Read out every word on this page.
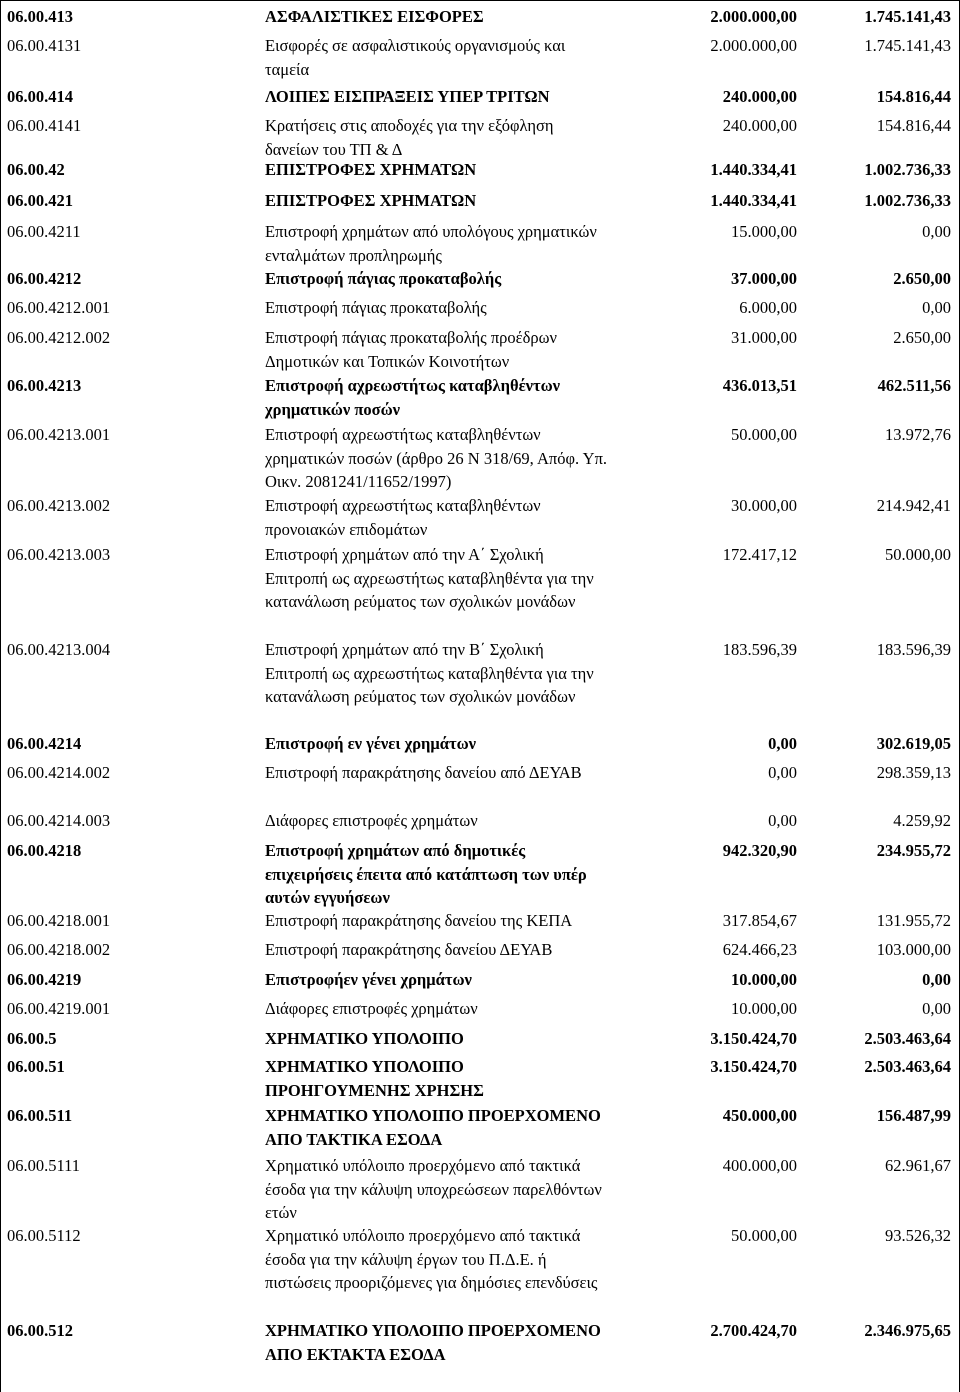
06.00.413	ΑΣΦΑΛΙΣΤΙΚΕΣ ΕΙΣΦΟΡΕΣ	2.000.000,00	1.745.141,43
06.00.4131	Εισφορές σε ασφαλιστικούς οργανισμούς και
ταμεία
2.000.000,00	1.745.141,43
06.00.414	ΛΟΙΠΕΣ ΕΙΣΠΡΑΞΕΙΣ ΥΠΕΡ ΤΡΙΤΩΝ	240.000,00	154.816,44
06.00.4141	Κρατήσεις στις αποδοχές για την εξόφληση
δανείων του ΤΠ & Δ
240.000,00	154.816,44
06.00.42	ΕΠΙΣΤΡΟΦΕΣ ΧΡΗΜΑΤΩΝ	1.440.334,41	1.002.736,33
06.00.421	ΕΠΙΣΤΡΟΦΕΣ ΧΡΗΜΑΤΩΝ	1.440.334,41	1.002.736,33
06.00.4211	Επιστροφή χρημάτων από υπολόγους χρηματικών
ενταλμάτων προπληρωμής
15.000,00	0,00
06.00.4212	Επιστροφή πάγιας προκαταβολής	37.000,00	2.650,00
06.00.4212.001	Επιστροφή πάγιας προκαταβολής	6.000,00	0,00
06.00.4212.002	Επιστροφή πάγιας προκαταβολής προέδρων
Δημοτικών και Τοπικών Κοινοτήτων
31.000,00	2.650,00
06.00.4213	Επιστροφή αχρεωστήτως καταβληθέντων
χρηματικών ποσών
436.013,51	462.511,56
06.00.4213.001	Επιστροφή αχρεωστήτως καταβληθέντων
χρηματικών ποσών (άρθρο 26 Ν 318/69, Απόφ. Υπ.
Οικν. 2081241/11652/1997)
50.000,00	13.972,76
06.00.4213.002	Επιστροφή αχρεωστήτως καταβληθέντων
προνοιακών επιδομάτων
30.000,00	214.942,41
06.00.4213.003	Επιστροφή χρημάτων από την Α΄ Σχολική
Επιτροπή ως αχρεωστήτως καταβληθέντα για την
κατανάλωση ρεύματος των σχολικών μονάδων
172.417,12	50.000,00
06.00.4213.004	Επιστροφή χρημάτων από την Β΄ Σχολική
Επιτροπή ως αχρεωστήτως καταβληθέντα για την
κατανάλωση ρεύματος των σχολικών μονάδων
183.596,39	183.596,39
06.00.4214	Επιστροφή εν γένει χρημάτων	0,00	302.619,05
06.00.4214.002	Επιστροφή παρακράτησης δανείου από ΔΕΥΑΒ	0,00	298.359,13
06.00.4214.003	Διάφορες επιστροφές χρημάτων	0,00	4.259,92
06.00.4218	Επιστροφή χρημάτων από δημοτικές
επιχειρήσεις έπειτα από κατάπτωση των υπέρ
αυτών εγγυήσεων
942.320,90	234.955,72
06.00.4218.001	Επιστροφή παρακράτησης δανείου της ΚΕΠΑ	317.854,67	131.955,72
06.00.4218.002	Επιστροφή παρακράτησης δανείου ΔΕΥΑΒ	624.466,23	103.000,00
06.00.4219	Επιστροφήεν γένει χρημάτων	10.000,00	0,00
06.00.4219.001	Διάφορες επιστροφές χρημάτων	10.000,00	0,00
06.00.5	ΧΡΗΜΑΤΙΚΟ ΥΠΟΛΟΙΠΟ	3.150.424,70	2.503.463,64
06.00.51	ΧΡΗΜΑΤΙΚΟ ΥΠΟΛΟΙΠΟ
ΠΡΟΗΓΟΥΜΕΝΗΣ ΧΡΗΣΗΣ
3.150.424,70	2.503.463,64
06.00.511	ΧΡΗΜΑΤΙΚΟ ΥΠΟΛΟΙΠΟ ΠΡΟΕΡΧΟΜΕΝΟ
ΑΠΟ ΤΑΚΤΙΚΑ ΕΣΟΔΑ
450.000,00	156.487,99
06.00.5111	Χρηματικό υπόλοιπο προερχόμενο από τακτικά
έσοδα για την κάλυψη υποχρεώσεων παρελθόντων
ετών
400.000,00	62.961,67
06.00.5112	Χρηματικό υπόλοιπο προερχόμενο από τακτικά
έσοδα για την κάλυψη έργων του Π.Δ.Ε. ή
πιστώσεις προοριζόμενες για δημόσιες επενδύσεις
50.000,00	93.526,32
06.00.512	ΧΡΗΜΑΤΙΚΟ ΥΠΟΛΟΙΠΟ ΠΡΟΕΡΧΟΜΕΝΟ
ΑΠΟ ΕΚΤΑΚΤΑ ΕΣΟΔΑ
2.700.424,70	2.346.975,65
